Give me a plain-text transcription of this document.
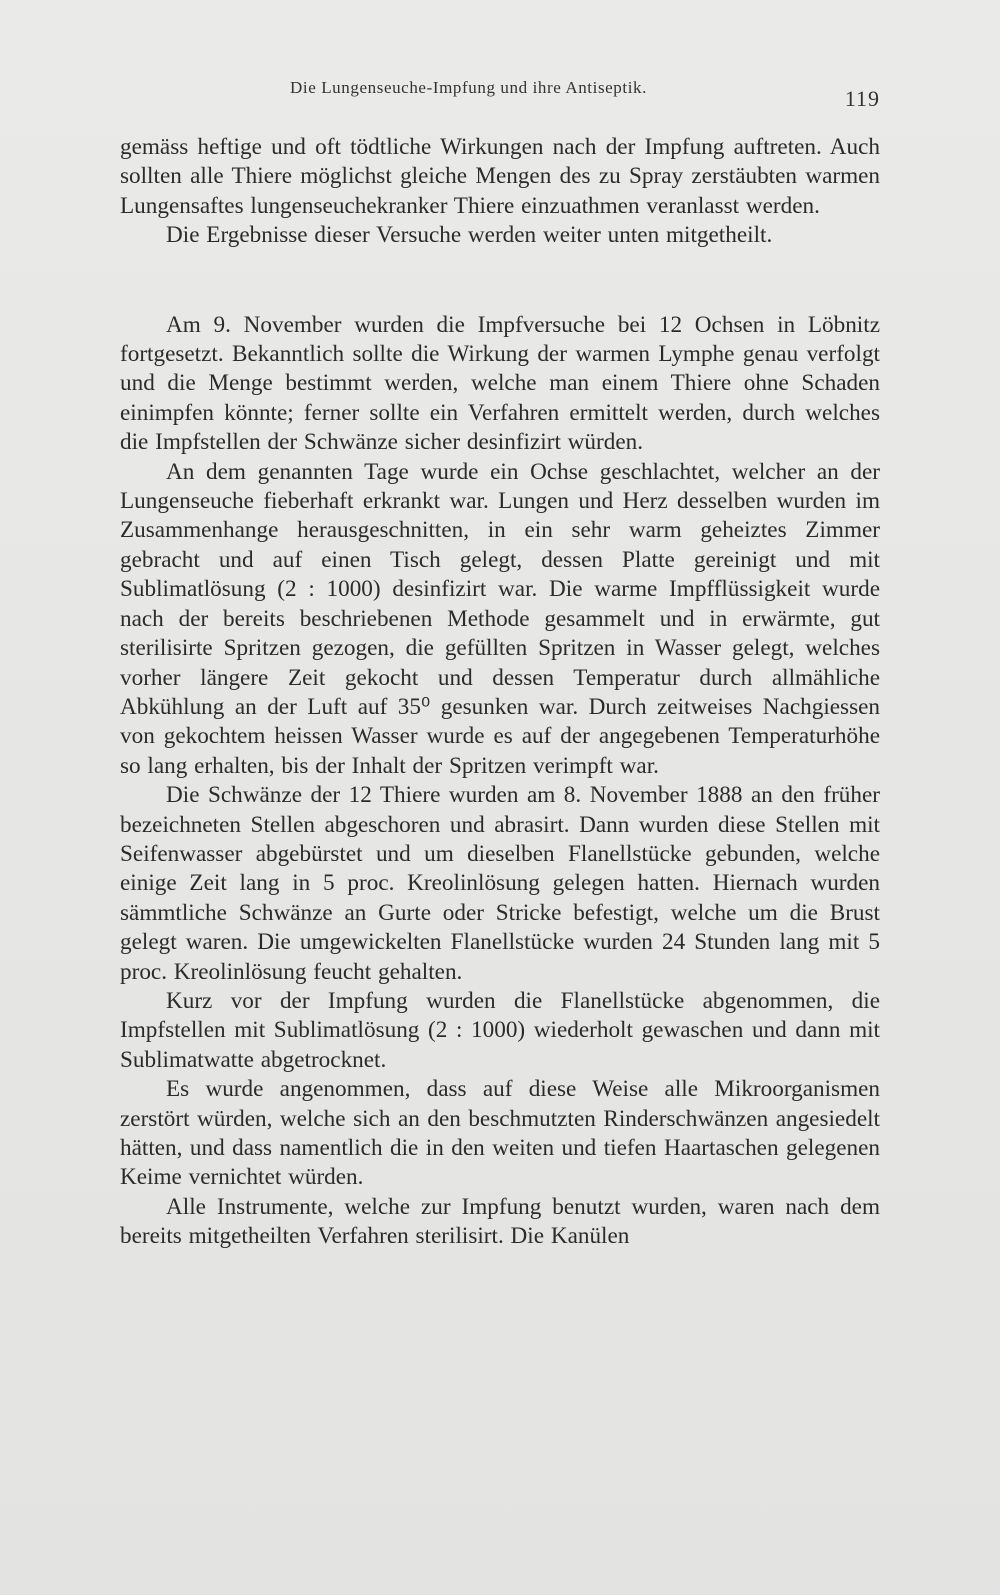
Die Lungenseuche-Impfung und ihre Antiseptik.	119

gemäss heftige und oft tödtliche Wirkungen nach der Impfung auftreten. Auch sollten alle Thiere möglichst gleiche Mengen des zu Spray zerstäubten warmen Lungensaftes lungenseuchekranker Thiere einzuathmen veranlasst werden.

Die Ergebnisse dieser Versuche werden weiter unten mitgetheilt.

Am 9. November wurden die Impfversuche bei 12 Ochsen in Löbnitz fortgesetzt. Bekanntlich sollte die Wirkung der warmen Lymphe genau verfolgt und die Menge bestimmt werden, welche man einem Thiere ohne Schaden einimpfen könnte; ferner sollte ein Verfahren ermittelt werden, durch welches die Impfstellen der Schwänze sicher desinfizirt würden.

An dem genannten Tage wurde ein Ochse geschlachtet, welcher an der Lungenseuche fieberhaft erkrankt war. Lungen und Herz desselben wurden im Zusammenhange herausgeschnitten, in ein sehr warm geheiztes Zimmer gebracht und auf einen Tisch gelegt, dessen Platte gereinigt und mit Sublimatlösung (2 : 1000) desinfizirt war. Die warme Impfflüssigkeit wurde nach der bereits beschriebenen Methode gesammelt und in erwärmte, gut sterilisirte Spritzen gezogen, die gefüllten Spritzen in Wasser gelegt, welches vorher längere Zeit gekocht und dessen Temperatur durch allmähliche Abkühlung an der Luft auf 35⁰ gesunken war. Durch zeitweises Nachgiessen von gekochtem heissen Wasser wurde es auf der angegebenen Temperaturhöhe so lang erhalten, bis der Inhalt der Spritzen verimpft war.

Die Schwänze der 12 Thiere wurden am 8. November 1888 an den früher bezeichneten Stellen abgeschoren und abrasirt. Dann wurden diese Stellen mit Seifenwasser abgebürstet und um dieselben Flanellstücke gebunden, welche einige Zeit lang in 5 proc. Kreolinlösung gelegen hatten. Hiernach wurden sämmtliche Schwänze an Gurte oder Stricke befestigt, welche um die Brust gelegt waren. Die umgewickelten Flanellstücke wurden 24 Stunden lang mit 5 proc. Kreolinlösung feucht gehalten.

Kurz vor der Impfung wurden die Flanellstücke abgenommen, die Impfstellen mit Sublimatlösung (2 : 1000) wiederholt gewaschen und dann mit Sublimatwatte abgetrocknet.

Es wurde angenommen, dass auf diese Weise alle Mikroorganismen zerstört würden, welche sich an den beschmutzten Rinderschwänzen angesiedelt hätten, und dass namentlich die in den weiten und tiefen Haartaschen gelegenen Keime vernichtet würden.

Alle Instrumente, welche zur Impfung benutzt wurden, waren nach dem bereits mitgetheilten Verfahren sterilisirt. Die Kanülen
